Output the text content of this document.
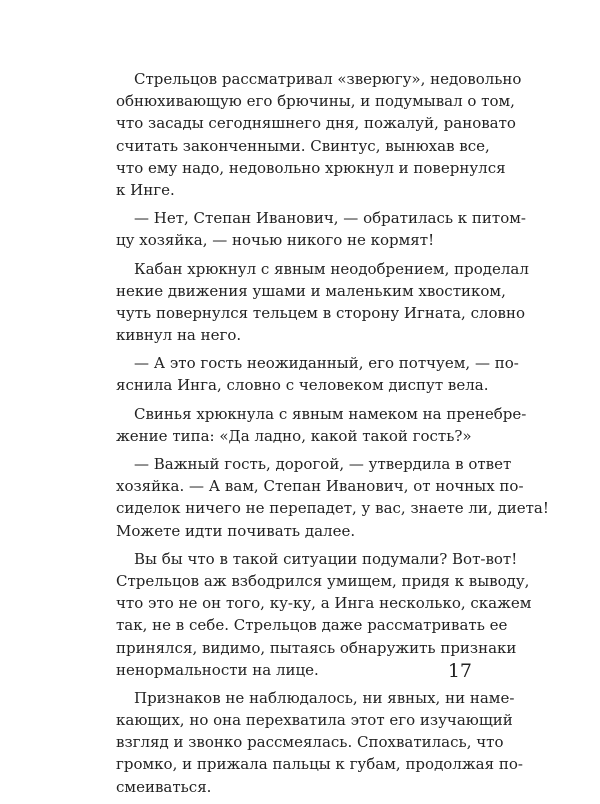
Стрельцов рассматривал «зверюгу», недовольно
обнюхивающую его брючины, и подумывал о том,
что засады сегодняшнего дня, пожалуй, рановато
считать законченными. Свинтус, вынюхав все,
что ему надо, недовольно хрюкнул и повернулся
к Инге.

— Нет, Степан Иванович, — обратилась к питом-
цу хозяйка, — ночью никого не кормят!

Кабан хрюкнул с явным неодобрением, проделал
некие движения ушами и маленьким хвостиком,
чуть повернулся тельцем в сторону Игната, словно
кивнул на него.

— А это гость неожиданный, его потчуем, — по-
яснила Инга, словно с человеком диспут вела.

Свинья хрюкнула с явным намеком на пренебре-
жение типа: «Да ладно, какой такой гость?»

— Важный гость, дорогой, — утвердила в ответ
хозяйка. — А вам, Степан Иванович, от ночных по-
сиделок ничего не перепадет, у вас, знаете ли, диета!
Можете идти почивать далее.

Вы бы что в такой ситуации подумали? Вот-вот!
Стрельцов аж взбодрился умищем, придя к выводу,
что это не он того, ку-ку, а Инга несколько, скажем
так, не в себе. Стрельцов даже рассматривать ее
принялся, видимо, пытаясь обнаружить признаки
ненормальности на лице.

Признаков не наблюдалось, ни явных, ни наме-
кающих, но она перехватила этот его изучающий
взгляд и звонко рассмеялась. Спохватилась, что
громко, и прижала пальцы к губам, продолжая по-
смеиваться.

17
